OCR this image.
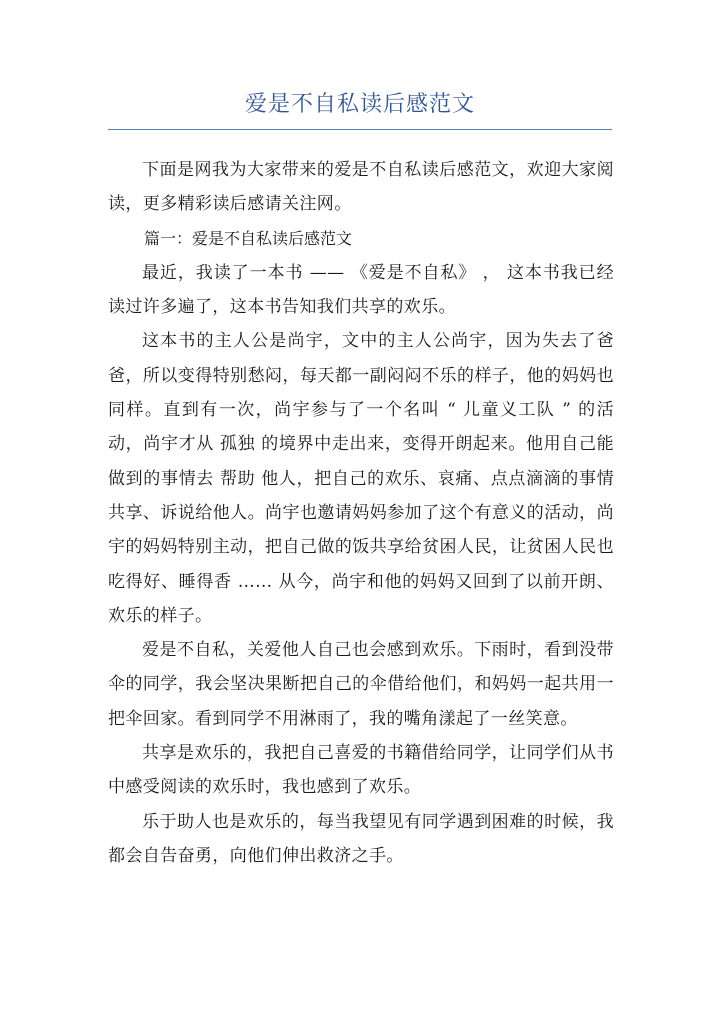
爱是不自私读后感范文

下面是网我为大家带来的爱是不自私读后感范文，欢迎大家阅读，更多精彩读后感请关注网。

篇一：爱是不自私读后感范文

最近，我读了一本书 —— 《爱是不自私》 ， 这本书我已经读过许多遍了，这本书告知我们共享的欢乐。

这本书的主人公是尚宇，文中的主人公尚宇，因为失去了爸爸，所以变得特别愁闷，每天都一副闷闷不乐的样子，他的妈妈也同样。直到有一次，尚宇参与了一个名叫 “ 儿童义工队 ” 的活动，尚宇才从 孤独 的境界中走出来，变得开朗起来。他用自己能做到的事情去 帮助 他人，把自己的欢乐、哀痛、点点滴滴的事情共享、诉说给他人。尚宇也邀请妈妈参加了这个有意义的活动，尚宇的妈妈特别主动，把自己做的饭共享给贫困人民，让贫困人民也吃得好、睡得香 …… 从今，尚宇和他的妈妈又回到了以前开朗、欢乐的样子。

爱是不自私，关爱他人自己也会感到欢乐。下雨时，看到没带伞的同学，我会坚决果断把自己的伞借给他们，和妈妈一起共用一把伞回家。看到同学不用淋雨了，我的嘴角漾起了一丝笑意。

共享是欢乐的，我把自己喜爱的书籍借给同学，让同学们从书中感受阅读的欢乐时，我也感到了欢乐。

乐于助人也是欢乐的，每当我望见有同学遇到困难的时候，我都会自告奋勇，向他们伸出救济之手。
